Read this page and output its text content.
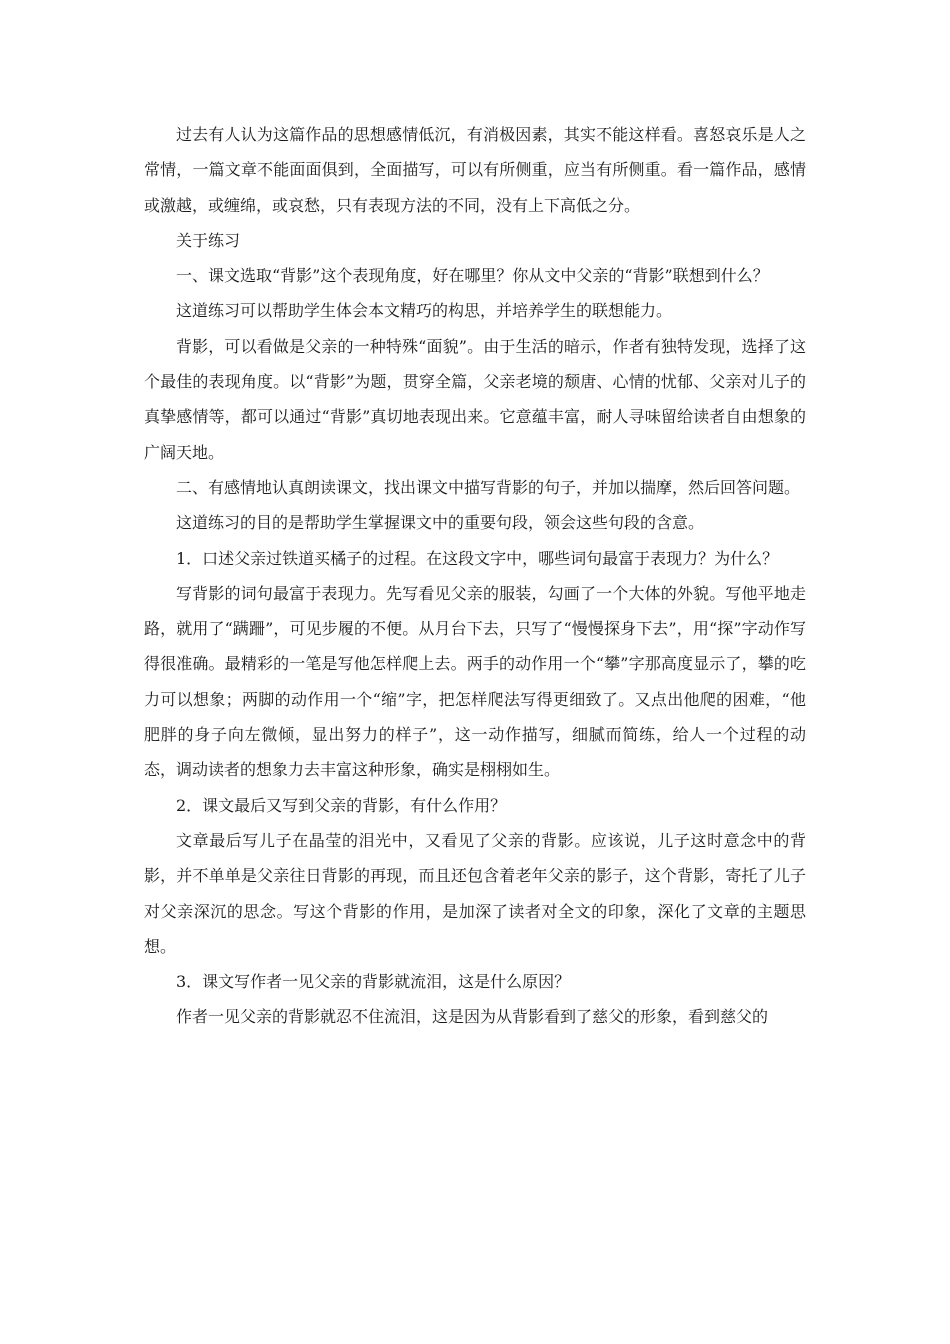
过去有人认为这篇作品的思想感情低沉，有消极因素，其实不能这样看。喜怒哀乐是人之常情，一篇文章不能面面俱到，全面描写，可以有所侧重，应当有所侧重。看一篇作品，感情或激越，或缠绵，或哀愁，只有表现方法的不同，没有上下高低之分。

关于练习

一、课文选取“背影”这个表现角度，好在哪里？你从文中父亲的“背影”联想到什么？

这道练习可以帮助学生体会本文精巧的构思，并培养学生的联想能力。

背影，可以看做是父亲的一种特殊“面貌”。由于生活的暗示，作者有独特发现，选择了这个最佳的表现角度。以“背影”为题，贯穿全篇，父亲老境的颓唐、心情的忧郁、父亲对儿子的真挚感情等，都可以通过“背影”真切地表现出来。它意蕴丰富，耐人寻味留给读者自由想象的广阔天地。

二、有感情地认真朗读课文，找出课文中描写背影的句子，并加以揣摩，然后回答问题。

这道练习的目的是帮助学生掌握课文中的重要句段，领会这些句段的含意。

1．口述父亲过铁道买橘子的过程。在这段文字中，哪些词句最富于表现力？为什么？

写背影的词句最富于表现力。先写看见父亲的服装，勾画了一个大体的外貌。写他平地走路，就用了“蹒跚”，可见步履的不便。从月台下去，只写了“慢慢探身下去”，用“探”字动作写得很准确。最精彩的一笔是写他怎样爬上去。两手的动作用一个“攀”字那高度显示了，攀的吃力可以想象；两脚的动作用一个“缩”字，把怎样爬法写得更细致了。又点出他爬的困难，“他肥胖的身子向左微倾，显出努力的样子”，这一动作描写，细腻而简练，给人一个过程的动态，调动读者的想象力去丰富这种形象，确实是栩栩如生。

2．课文最后又写到父亲的背影，有什么作用？

文章最后写儿子在晶莹的泪光中，又看见了父亲的背影。应该说，儿子这时意念中的背影，并不单单是父亲往日背影的再现，而且还包含着老年父亲的影子，这个背影，寄托了儿子对父亲深沉的思念。写这个背影的作用，是加深了读者对全文的印象，深化了文章的主题思想。

3．课文写作者一见父亲的背影就流泪，这是什么原因？

作者一见父亲的背影就忍不住流泪，这是因为从背影看到了慈父的形象，看到慈父的
